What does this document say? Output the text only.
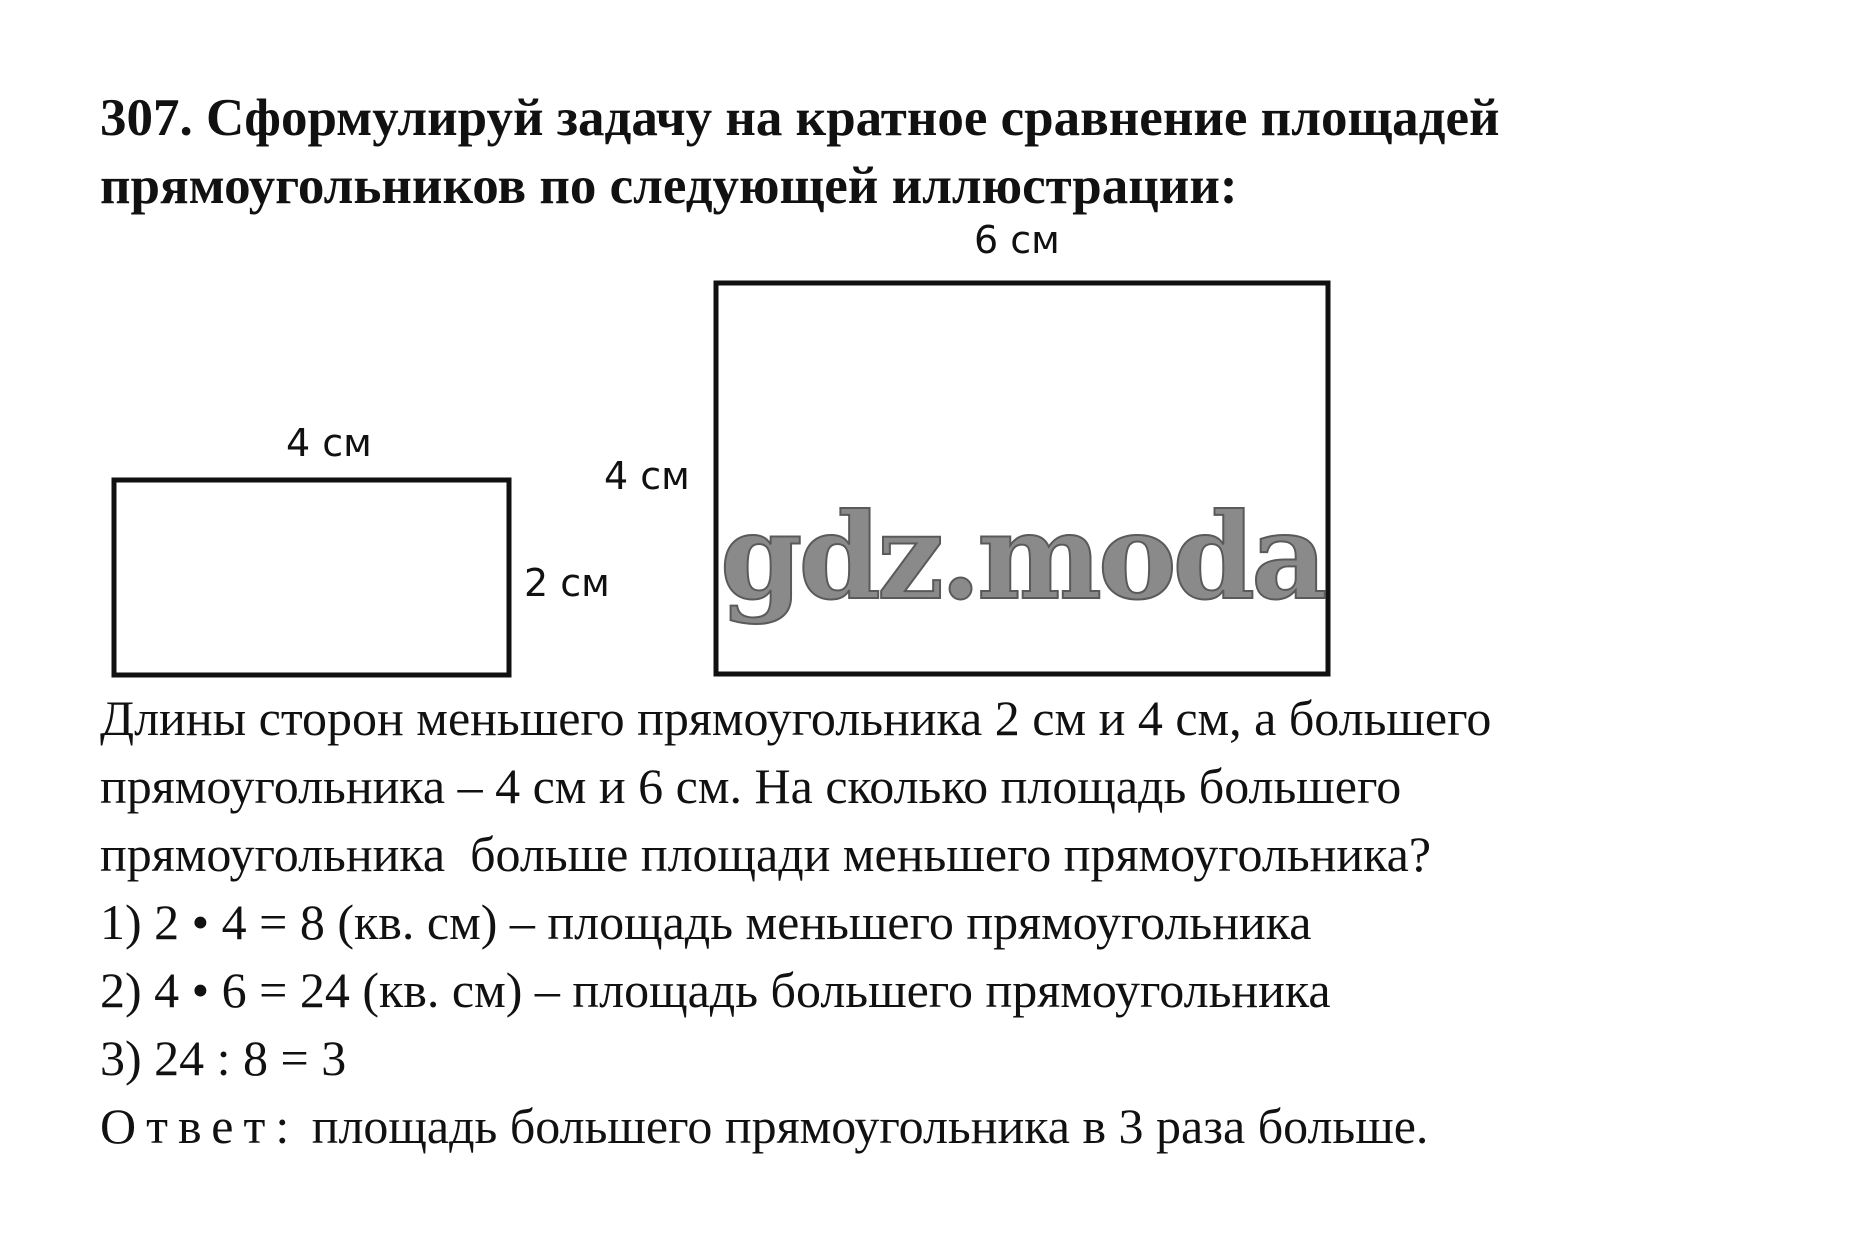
307. Сформулируй задачу на кратное сравнение площадей
прямоугольников по следующей иллюстрации:
4 см
2 см
6 см
4 см
gdz.moda
Длины сторон меньшего прямоугольника 2 см и 4 см, а большего
прямоугольника – 4 см и 6 см. На сколько площадь большего
прямоугольника  больше площади меньшего прямоугольника?
1) 2 • 4 = 8 (кв. см) – площадь меньшего прямоугольника
2) 4 • 6 = 24 (кв. см) – площадь большего прямоугольника
3) 24 : 8 = 3
Ответ: площадь большего прямоугольника в 3 раза больше.
